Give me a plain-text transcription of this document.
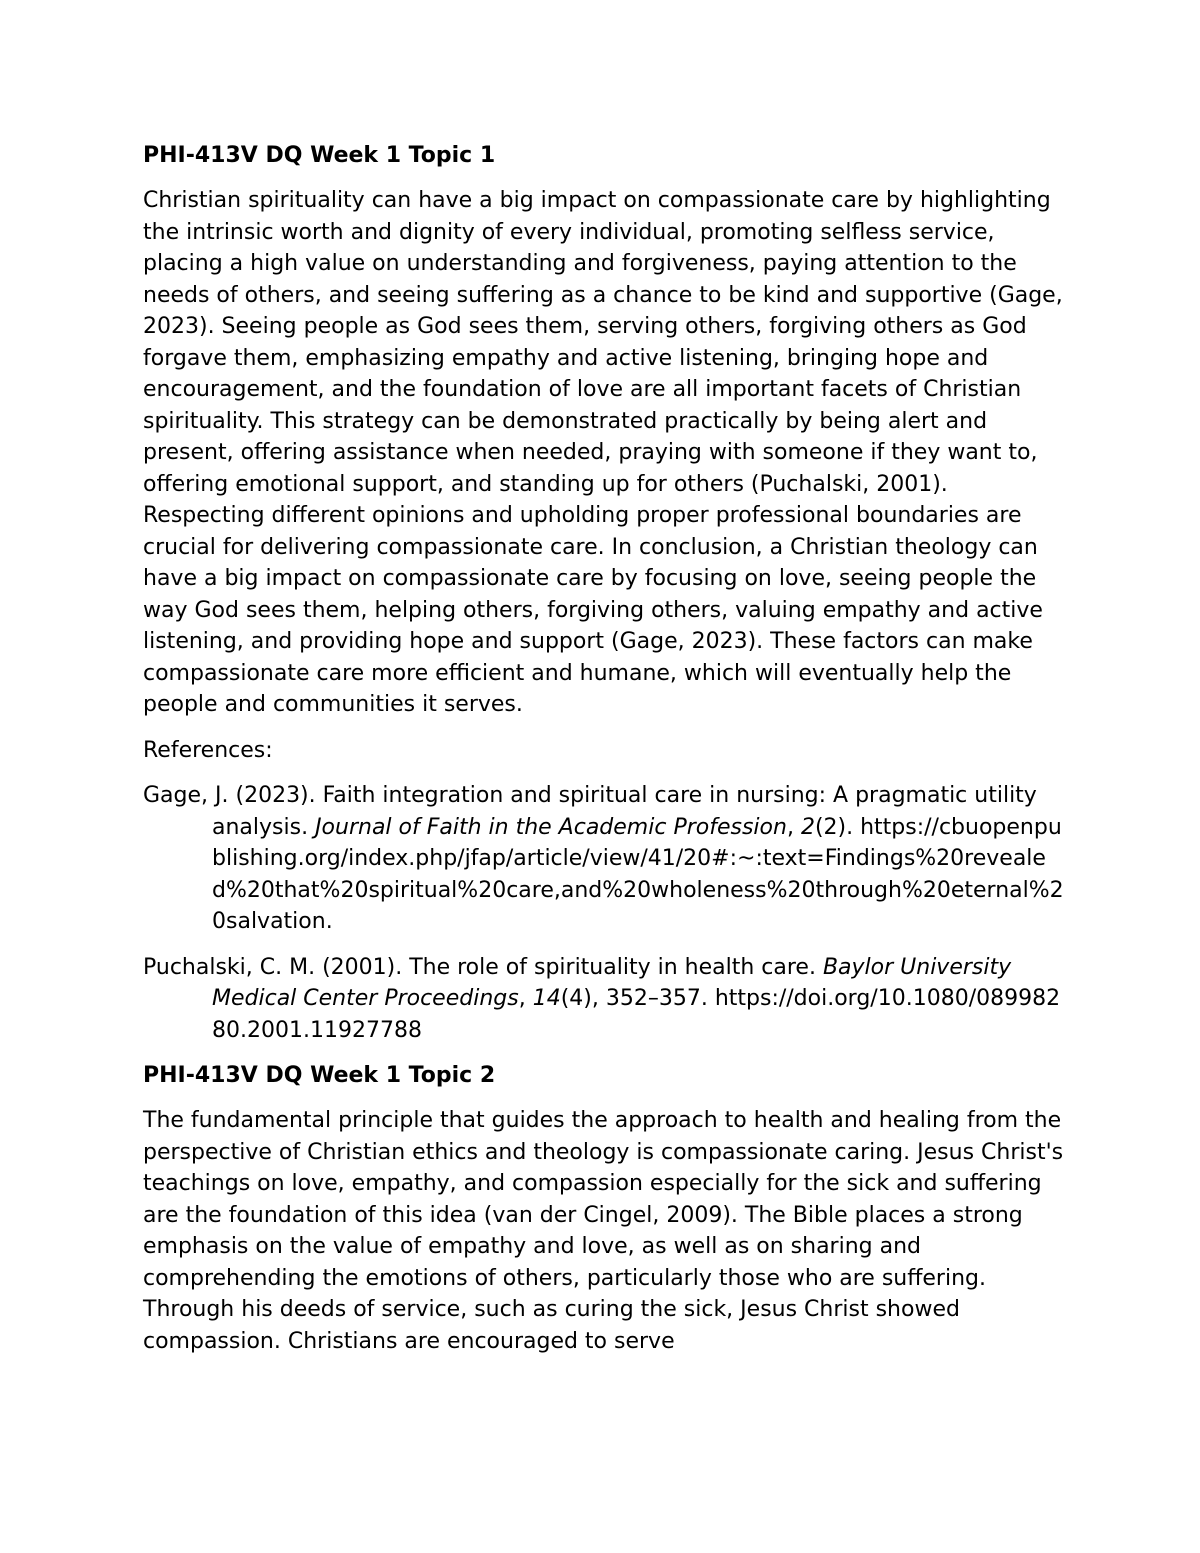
PHI-413V DQ Week 1 Topic 1
Christian spirituality can have a big impact on compassionate care by highlighting the intrinsic worth and dignity of every individual, promoting selfless service, placing a high value on understanding and forgiveness, paying attention to the needs of others, and seeing suffering as a chance to be kind and supportive (Gage, 2023). Seeing people as God sees them, serving others, forgiving others as God forgave them, emphasizing empathy and active listening, bringing hope and encouragement, and the foundation of love are all important facets of Christian spirituality. This strategy can be demonstrated practically by being alert and present, offering assistance when needed, praying with someone if they want to, offering emotional support, and standing up for others (Puchalski, 2001). Respecting different opinions and upholding proper professional boundaries are crucial for delivering compassionate care. In conclusion, a Christian theology can have a big impact on compassionate care by focusing on love, seeing people the way God sees them, helping others, forgiving others, valuing empathy and active listening, and providing hope and support (Gage, 2023). These factors can make compassionate care more efficient and humane, which will eventually help the people and communities it serves.
References:
Gage, J. (2023). Faith integration and spiritual care in nursing: A pragmatic utility analysis. Journal of Faith in the Academic Profession, 2(2). https://cbuopenpublishing.org/index.php/jfap/article/view/41/20#:~:text=Findings%20revealed%20that%20spiritual%20care,and%20wholeness%20through%20eternal%20salvation.
Puchalski, C. M. (2001). The role of spirituality in health care. Baylor University Medical Center Proceedings, 14(4), 352–357. https://doi.org/10.1080/08998280.2001.11927788
PHI-413V DQ Week 1 Topic 2
The fundamental principle that guides the approach to health and healing from the perspective of Christian ethics and theology is compassionate caring. Jesus Christ's teachings on love, empathy, and compassion especially for the sick and suffering are the foundation of this idea (van der Cingel, 2009). The Bible places a strong emphasis on the value of empathy and love, as well as on sharing and comprehending the emotions of others, particularly those who are suffering. Through his deeds of service, such as curing the sick, Jesus Christ showed compassion. Christians are encouraged to serve
